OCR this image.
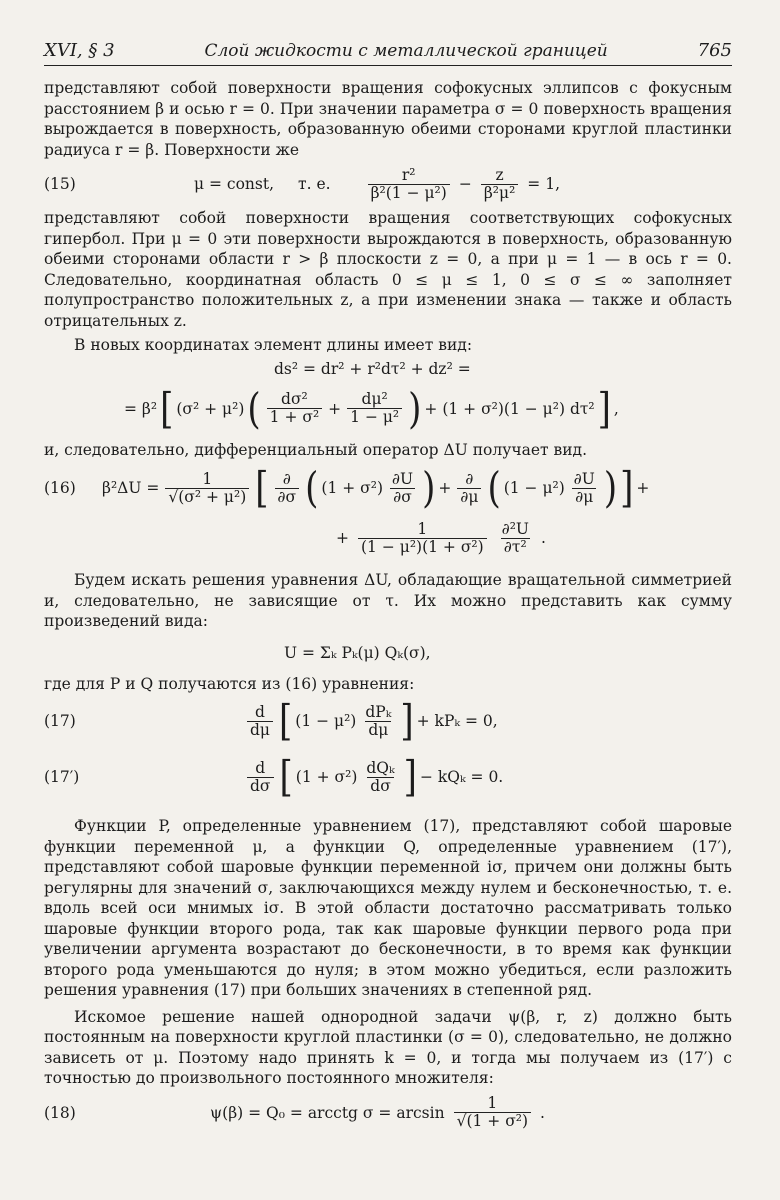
XVI, § 3	Слой жидкости с металлической границей	765

представляют собой поверхности вращения софокусных эллипсов с фокусным расстоянием β и осью r = 0. При значении параметра σ = 0 поверхность вращения вырождается в поверхность, образованную обеими сторонами круглой пластинки радиуса r = β. Поверхности же

(15)	μ = const, т. е. $\frac{\text{r²}}{\text{β²(1 − μ²)}} - \frac{z}{\text{β²μ²}} = 1$,

представляют собой поверхности вращения соответствующих софокусных гипербол. При μ = 0 эти поверхности вырождаются в поверхность, образованную обеими сторонами области r > β плоскости z = 0, а при μ = 1 — в ось r = 0. Следовательно, координатная область 0 ≤ μ ≤ 1, 0 ≤ σ ≤ ∞ заполняет полупространство положительных z, а при изменении знака — также и область отрицательных z.

В новых координатах элемент длины имеет вид:

ds² = dr² + r²dτ² + dz² =
= β² [ (σ² + μ²) ( $\frac{\text{dσ²}}{\text{1 + σ²}} + \frac{\text{dμ²}}{\text{1 − μ²}}$ ) + (1 + σ²)(1 − μ²) dτ² ] ,

и, следовательно, дифференциальный оператор ΔU получает вид.

(16) $\beta^2\Delta U = \frac{1}{\text{√(σ² + μ²)}}$ [ $\frac{\partial}{\partial\sigma}$ ( $(1 + \sigma^2) \frac{\partial U}{\partial\sigma}$ ) + $\frac{\partial}{\partial\mu}$ ( $(1 - \mu^2) \frac{\partial U}{\partial\mu}$ ) ] +
+ $\frac{1}{\text{(1 − μ²)(1 + σ²)}} \frac{\text{∂²U}}{\text{∂τ²}}$ .

Будем искать решения уравнения ΔU, обладающие вращательной симметрией и, следовательно, не зависящие от τ. Их можно представить как сумму произведений вида:

U = Σₖ Pₖ(μ) Qₖ(σ),

где для P и Q получаются из (16) уравнения:

(17)	$\frac{d}{d\mu}$ [ $(1 - \mu^2) \frac{\text{dPₖ}}{d\mu}$ ] + kPₖ = 0,
(17′)	$\frac{d}{d\sigma}$ [ $(1 + \sigma^2) \frac{\text{dQₖ}}{d\sigma}$ ] − kQₖ = 0.

Функции P, определенные уравнением (17), представляют собой шаровые функции переменной μ, а функции Q, определенные уравнением (17′), представляют собой шаровые функции переменной iσ, причем они должны быть регулярны для значений σ, заключающихся между нулем и бесконечностью, т. е. вдоль всей оси мнимых iσ. В этой области достаточно рассматривать только шаровые функции второго рода, так как шаровые функции первого рода при увеличении аргумента возрастают до бесконечности, в то время как функции второго рода уменьшаются до нуля; в этом можно убедиться, если разложить решения уравнения (17) при больших значениях в степенной ряд.

Искомое решение нашей однородной задачи ψ(β, r, z) должно быть постоянным на поверхности круглой пластинки (σ = 0), следовательно, не должно зависеть от μ. Поэтому надо принять k = 0, и тогда мы получаем из (17′) с точностью до произвольного постоянного множителя:

(18)	ψ(β) = Q₀ = arcctg $\sigma = \arcsin \frac{1}{\text{√(1 + σ²)}}$ .
